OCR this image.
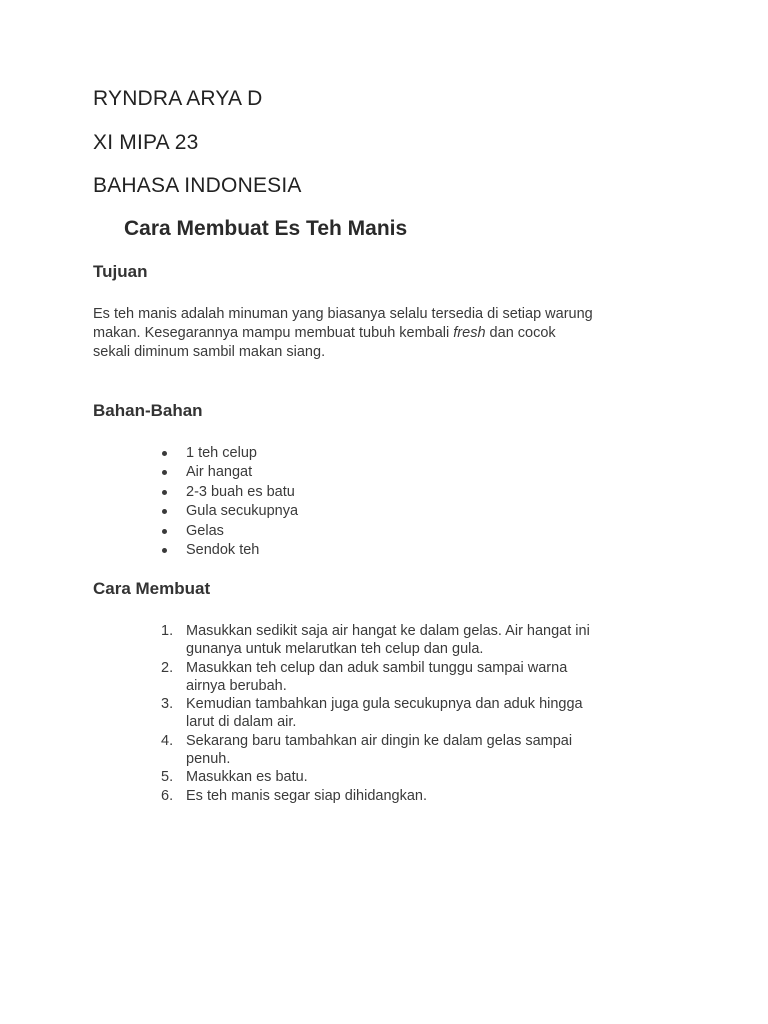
RYNDRA ARYA D
XI MIPA 23
BAHASA INDONESIA
Cara Membuat Es Teh Manis
Tujuan

Es teh manis adalah minuman yang biasanya selalu tersedia di setiap warung

makan. Kesegarannya mampu membuat tubuh kembali fresh dan cocok

sekali diminum sambil makan siang.

Bahan-Bahan
1 teh celup
Air hangat
2-3 buah es batu
Gula secukupnya
Gelas
Sendok teh
Cara Membuat
1. Masukkan sedikit saja air hangat ke dalam gelas. Air hangat ini
gunanya untuk melarutkan teh celup dan gula.
2. Masukkan teh celup dan aduk sambil tunggu sampai warna
airnya berubah.
3. Kemudian tambahkan juga gula secukupnya dan aduk hingga
larut di dalam air.
4. Sekarang baru tambahkan air dingin ke dalam gelas sampai
penuh.
5. Masukkan es batu.
6. Es teh manis segar siap dihidangkan.
